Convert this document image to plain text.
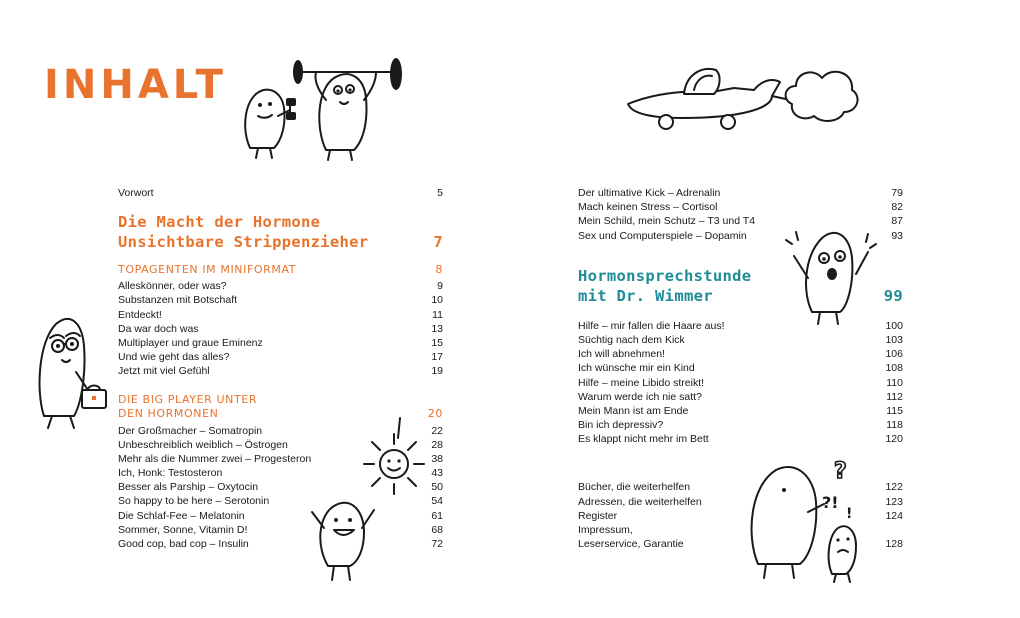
INHALT
Vorwort	5
Die Macht der Hormone
Unsichtbare Strippenzieher	7
TOPAGENTEN IM MINIFORMAT	8
Alleskönner, oder was?	9
Substanzen mit Botschaft	10
Entdeckt!	11
Da war doch was	13
Multiplayer und graue Eminenz	15
Und wie geht das alles?	17
Jetzt mit viel Gefühl	19
DIE BIG PLAYER UNTER
DEN HORMONEN	20
Der Großmacher – Somatropin	22
Unbeschreiblich weiblich – Östrogen	28
Mehr als die Nummer zwei – Progesteron	38
Ich, Honk: Testosteron	43
Besser als Parship – Oxytocin	50
So happy to be here – Serotonin	54
Die Schlaf-Fee – Melatonin	61
Sommer, Sonne, Vitamin D!	68
Good cop, bad cop – Insulin	72
Der ultimative Kick – Adrenalin	79
Mach keinen Stress – Cortisol	82
Mein Schild, mein Schutz – T3 und T4	87
Sex und Computerspiele – Dopamin	93
Hormonsprechstunde
mit Dr. Wimmer	99
Hilfe – mir fallen die Haare aus!	100
Süchtig nach dem Kick	103
Ich will abnehmen!	106
Ich wünsche mir ein Kind	108
Hilfe – meine Libido streikt!	110
Warum werde ich nie satt?	112
Mein Mann ist am Ende	115
Bin ich depressiv?	118
Es klappt nicht mehr im Bett	120
Bücher, die weiterhelfen	122
Adressen, die weiterhelfen	123
Register	124
Impressum,
Leserservice, Garantie	128
?
?!
!
